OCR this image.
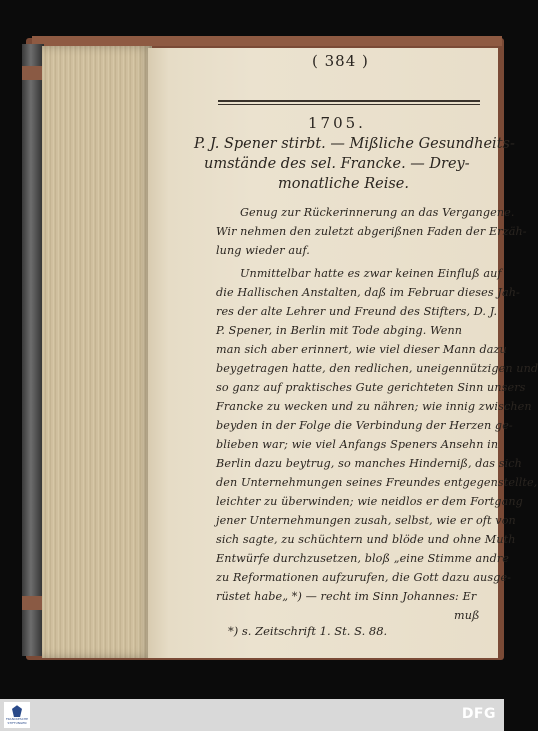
( 384 )
1705.
P. J. Spener stirbt. — Mißliche Gesundheits-
umstände des sel. Francke. — Drey-
monatliche Reise.
Genug zur Rückerinnerung an das Vergangene.
Wir nehmen den zuletzt abgerißnen Faden der Erzäh-
lung wieder auf.
Unmittelbar hatte es zwar keinen Einfluß auf
die Hallischen Anstalten, daß im Februar dieses Jah-
res der alte Lehrer und Freund des Stifters, D. J.
P. Spener, in Berlin mit Tode abging. Wenn
man sich aber erinnert, wie viel dieser Mann dazu
beygetragen hatte, den redlichen, uneigennützigen und
so ganz auf praktisches Gute gerichteten Sinn unsers
Francke zu wecken und zu nähren; wie innig zwischen
beyden in der Folge die Verbindung der Herzen ge-
blieben war; wie viel Anfangs Speners Ansehn in
Berlin dazu beytrug, so manches Hinderniß, das sich
den Unternehmungen seines Freundes entgegenstellte,
leichter zu überwinden; wie neidlos er dem Fortgang
jener Unternehmungen zusah, selbst, wie er oft von
sich sagte, zu schüchtern und blöde und ohne Muth
Entwürfe durchzusetzen, bloß „eine Stimme andre
zu Reformationen aufzurufen, die Gott dazu ausge-
rüstet habe„ *) — recht im Sinn Johannes: Er
muß
*) s. Zeitschrift 1. St. S. 88.
FRANCKESCHE STIFTUNGEN
DFG
